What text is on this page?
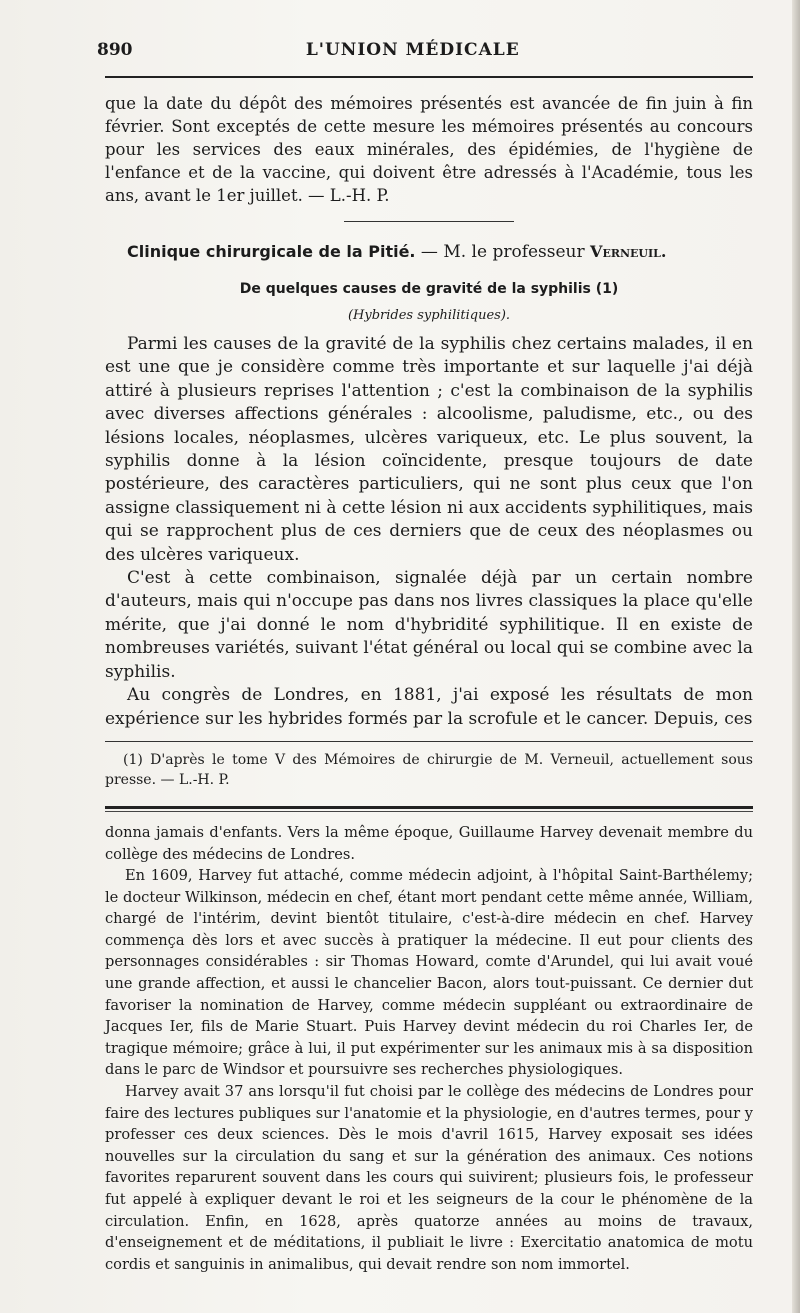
890	L'UNION MÉDICALE

que la date du dépôt des mémoires présentés est avancée de fin juin à fin février. Sont exceptés de cette mesure les mémoires présentés au concours pour les services des eaux minérales, des épidémies, de l'hygiène de l'enfance et de la vaccine, qui doivent être adressés à l'Académie, tous les ans, avant le 1er juillet. — L.-H. P.

Clinique chirurgicale de la Pitié. — M. le professeur Verneuil.
De quelques causes de gravité de la syphilis (1)
(Hybrides syphilitiques).

Parmi les causes de la gravité de la syphilis chez certains malades, il en est une que je considère comme très importante et sur laquelle j'ai déjà attiré à plusieurs reprises l'attention ; c'est la combinaison de la syphilis avec diverses affections générales : alcoolisme, paludisme, etc., ou des lésions locales, néoplasmes, ulcères variqueux, etc. Le plus souvent, la syphilis donne à la lésion coïncidente, presque toujours de date postérieure, des caractères particuliers, qui ne sont plus ceux que l'on assigne classiquement ni à cette lésion ni aux accidents syphilitiques, mais qui se rapprochent plus de ces derniers que de ceux des néoplasmes ou des ulcères variqueux.

C'est à cette combinaison, signalée déjà par un certain nombre d'auteurs, mais qui n'occupe pas dans nos livres classiques la place qu'elle mérite, que j'ai donné le nom d'hybridité syphilitique. Il en existe de nombreuses variétés, suivant l'état général ou local qui se combine avec la syphilis.

Au congrès de Londres, en 1881, j'ai exposé les résultats de mon expérience sur les hybrides formés par la scrofule et le cancer. Depuis, ces

(1) D'après le tome V des Mémoires de chirurgie de M. Verneuil, actuellement sous presse. — L.-H. P.

donna jamais d'enfants. Vers la même époque, Guillaume Harvey devenait membre du collège des médecins de Londres.

En 1609, Harvey fut attaché, comme médecin adjoint, à l'hôpital Saint-Barthélemy; le docteur Wilkinson, médecin en chef, étant mort pendant cette même année, William, chargé de l'intérim, devint bientôt titulaire, c'est-à-dire médecin en chef. Harvey commença dès lors et avec succès à pratiquer la médecine. Il eut pour clients des personnages considérables : sir Thomas Howard, comte d'Arundel, qui lui avait voué une grande affection, et aussi le chancelier Bacon, alors tout-puissant. Ce dernier dut favoriser la nomination de Harvey, comme médecin suppléant ou extraordinaire de Jacques Ier, fils de Marie Stuart. Puis Harvey devint médecin du roi Charles Ier, de tragique mémoire; grâce à lui, il put expérimenter sur les animaux mis à sa disposition dans le parc de Windsor et poursuivre ses recherches physiologiques.

Harvey avait 37 ans lorsqu'il fut choisi par le collège des médecins de Londres pour faire des lectures publiques sur l'anatomie et la physiologie, en d'autres termes, pour y professer ces deux sciences. Dès le mois d'avril 1615, Harvey exposait ses idées nouvelles sur la circulation du sang et sur la génération des animaux. Ces notions favorites reparurent souvent dans les cours qui suivirent; plusieurs fois, le professeur fut appelé à expliquer devant le roi et les seigneurs de la cour le phénomène de la circulation. Enfin, en 1628, après quatorze années au moins de travaux, d'enseignement et de méditations, il publiait le livre : Exercitatio anatomica de motu cordis et sanguinis in animalibus, qui devait rendre son nom immortel.
